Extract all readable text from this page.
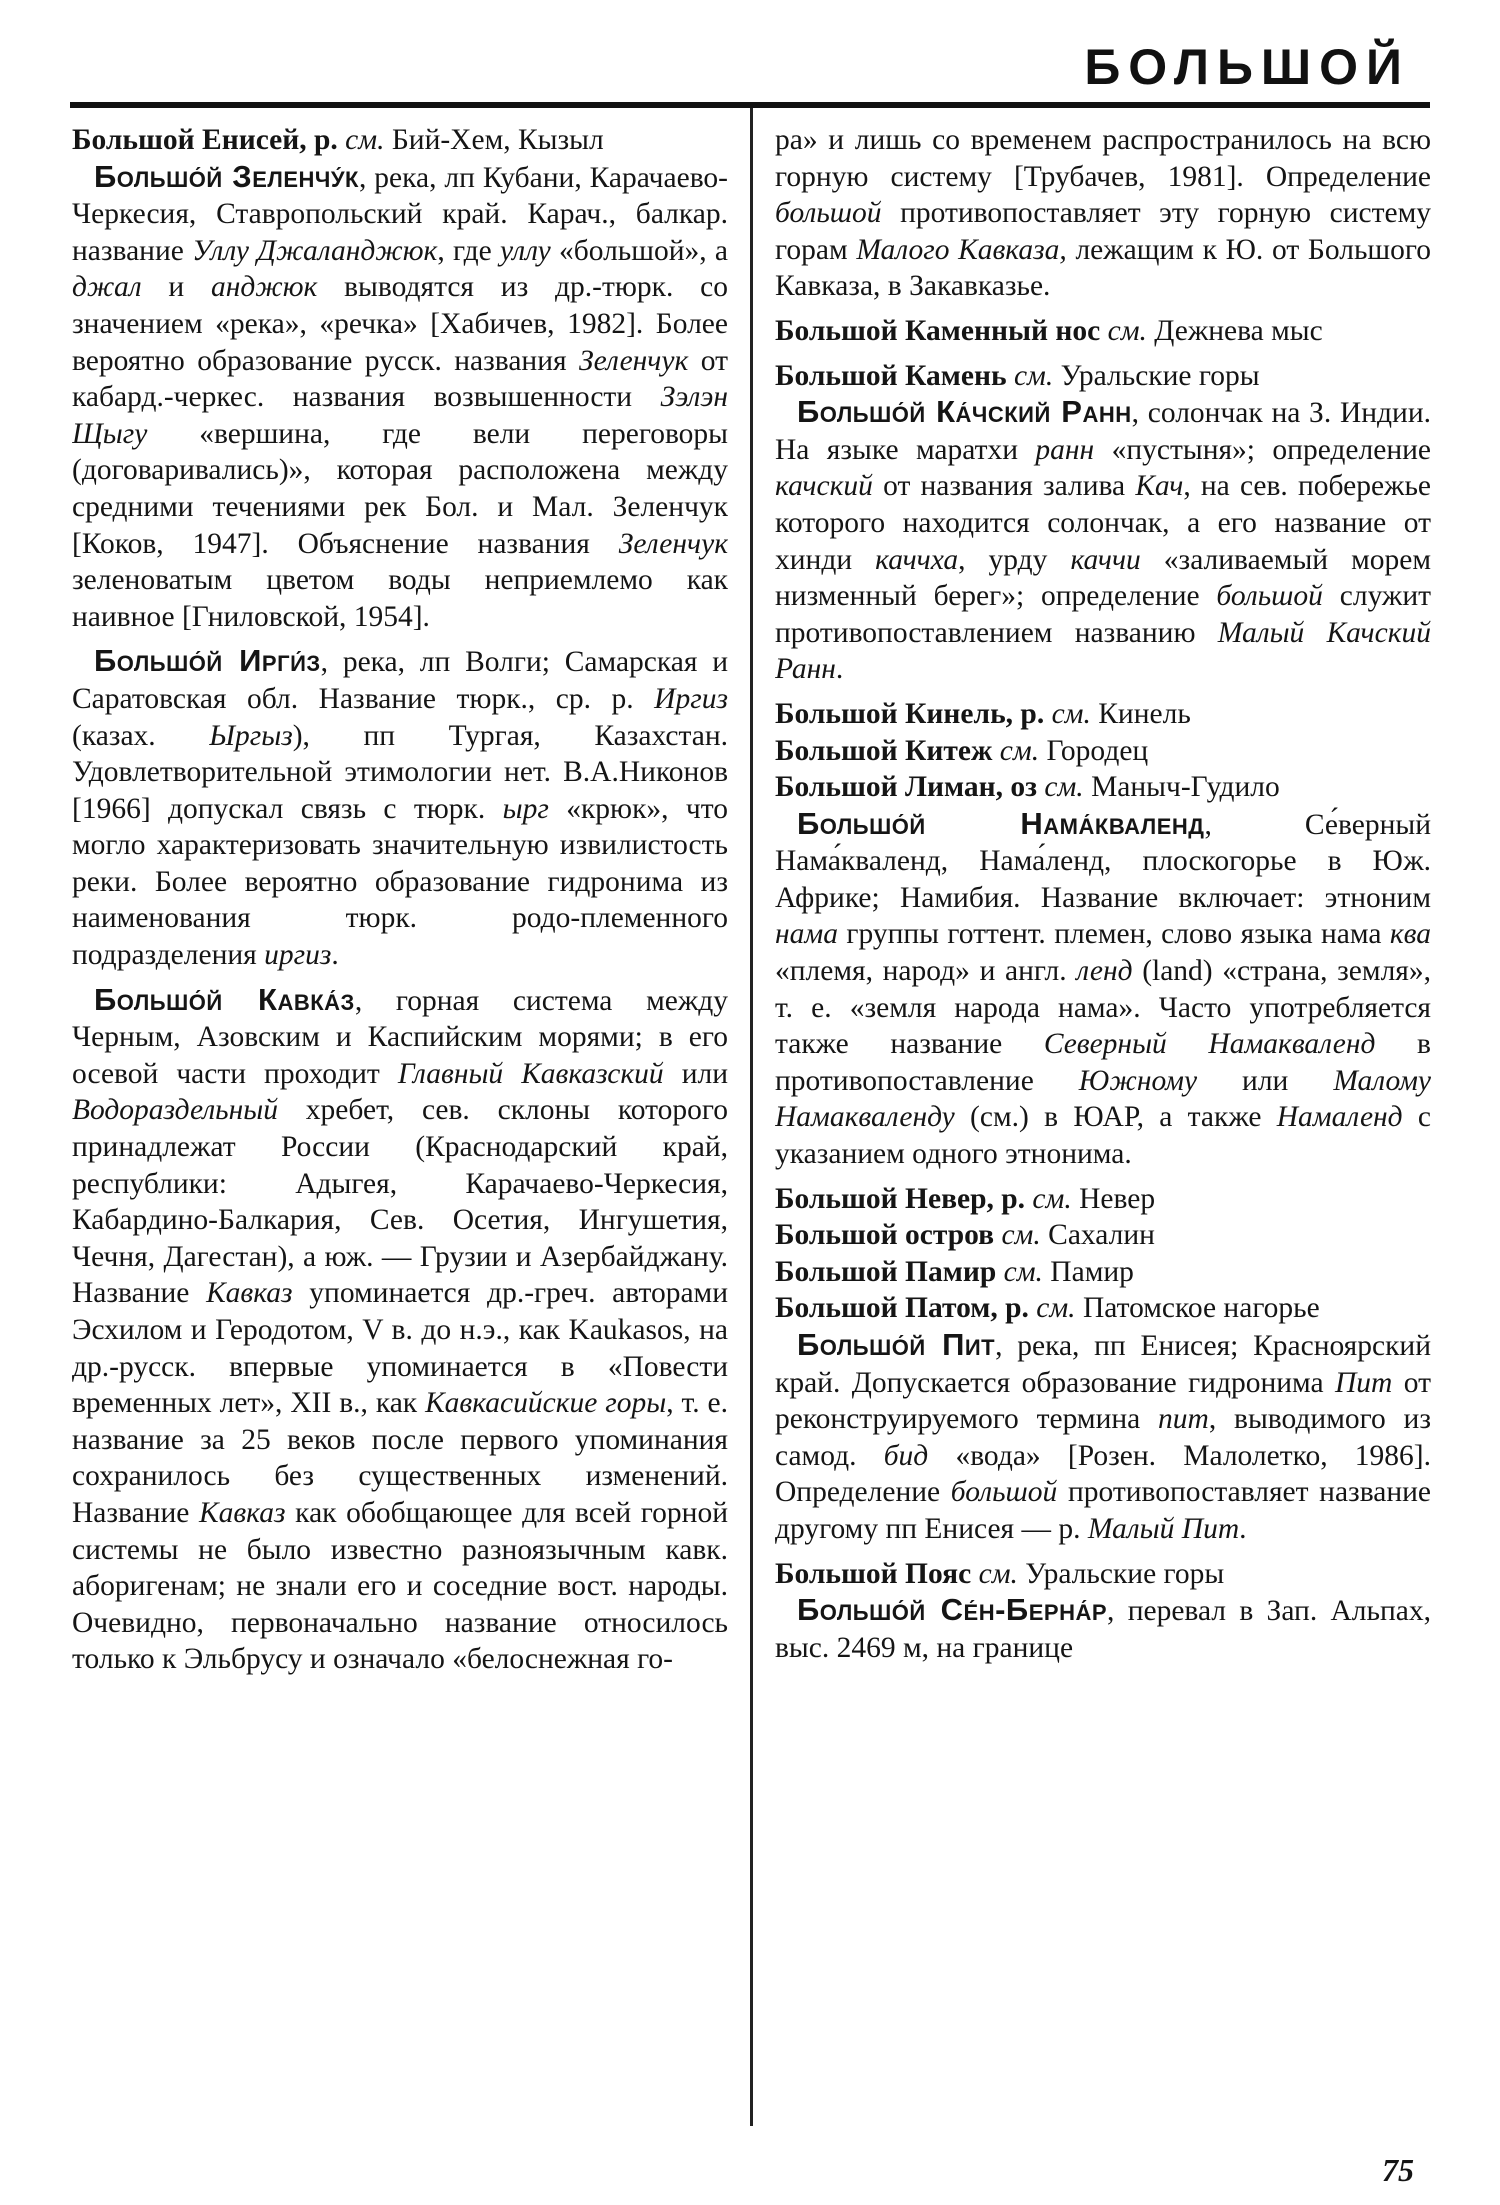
БОЛЬШОЙ

Большой Енисей, р. см. Бий-Хем, Кызыл

Большо́й Зеленчу́к, река, лп Кубани, Карачаево-Черкесия, Ставропольский край. Карач., балкар. название Уллу Джаланджюк, где уллу «большой», а джал и анджюк выводятся из др.-тюрк. со значением «река», «речка» [Хабичев, 1982]. Более вероятно образование русск. названия Зеленчук от кабард.-черкес. названия возвышенности Зэлэн Щыгу «вершина, где вели переговоры (договаривались)», которая расположена между средними течениями рек Бол. и Мал. Зеленчук [Коков, 1947]. Объяснение названия Зеленчук зеленоватым цветом воды неприемлемо как наивное [Гниловской, 1954].

Большо́й Ирги́з, река, лп Волги; Самарская и Саратовская обл. Название тюрк., ср. р. Иргиз (казах. Ыргыз), пп Тургая, Казахстан. Удовлетворительной этимологии нет. В.А.Никонов [1966] допускал связь с тюрк. ырг «крюк», что могло характеризовать значительную извилистость реки. Более вероятно образование гидронима из наименования тюрк. родо-племенного подразделения иргиз.

Большо́й Кавка́з, горная система между Черным, Азовским и Каспийским морями; в его осевой части проходит Главный Кавказский или Водораздельный хребет, сев. склоны которого принадлежат России (Краснодарский край, республики: Адыгея, Карачаево-Черкесия, Кабардино-Балкария, Сев. Осетия, Ингушетия, Чечня, Дагестан), а юж. — Грузии и Азербайджану. Название Кавказ упоминается др.-греч. авторами Эсхилом и Геродотом, V в. до н.э., как Kaukasos, на др.-русск. впервые упоминается в «Повести временных лет», XII в., как Кавкасийские горы, т. е. название за 25 веков после первого упоминания сохранилось без существенных изменений. Название Кавказ как обобщающее для всей горной системы не было известно разноязычным кавк. аборигенам; не знали его и соседние вост. народы. Очевидно, первоначально название относилось только к Эльбрусу и означало «белоснежная го-

ра» и лишь со временем распространилось на всю горную систему [Трубачев, 1981]. Определение большой противопоставляет эту горную систему горам Малого Кавказа, лежащим к Ю. от Большого Кавказа, в Закавказье.

Большой Каменный нос см. Дежнева мыс

Большой Камень см. Уральские горы

Большо́й Ка́чский Ранн, солончак на З. Индии. На языке маратхи ранн «пустыня»; определение качский от названия залива Кач, на сев. побережье которого находится солончак, а его название от хинди каччха, урду каччи «заливаемый морем низменный берег»; определение большой служит противопоставлением названию Малый Качский Ранн.

Большой Кинель, р. см. Кинель

Большой Китеж см. Городец

Большой Лиман, оз см. Маныч-Гудило

Большо́й Нама́кваленд, Се́верный Нама́кваленд, Нама́ленд, плоскогорье в Юж. Африке; Намибия. Название включает: этноним нама группы готтент. племен, слово языка нама ква «племя, народ» и англ. ленд (land) «страна, земля», т. е. «земля народа нама». Часто употребляется также название Северный Намакваленд в противопоставление Южному или Малому Намакваленду (см.) в ЮАР, а также Намаленд с указанием одного этнонима.

Большой Невер, р. см. Невер

Большой остров см. Сахалин

Большой Памир см. Памир

Большой Патом, р. см. Патомское нагорье

Большо́й Пит, река, пп Енисея; Красноярский край. Допускается образование гидронима Пит от реконструируемого термина пит, выводимого из самод. бид «вода» [Розен. Малолетко, 1986]. Определение большой противопоставляет название другому пп Енисея — р. Малый Пит.

Большой Пояс см. Уральские горы

Большо́й Се́н-Берна́р, перевал в Зап. Альпах, выс. 2469 м, на границе

75
